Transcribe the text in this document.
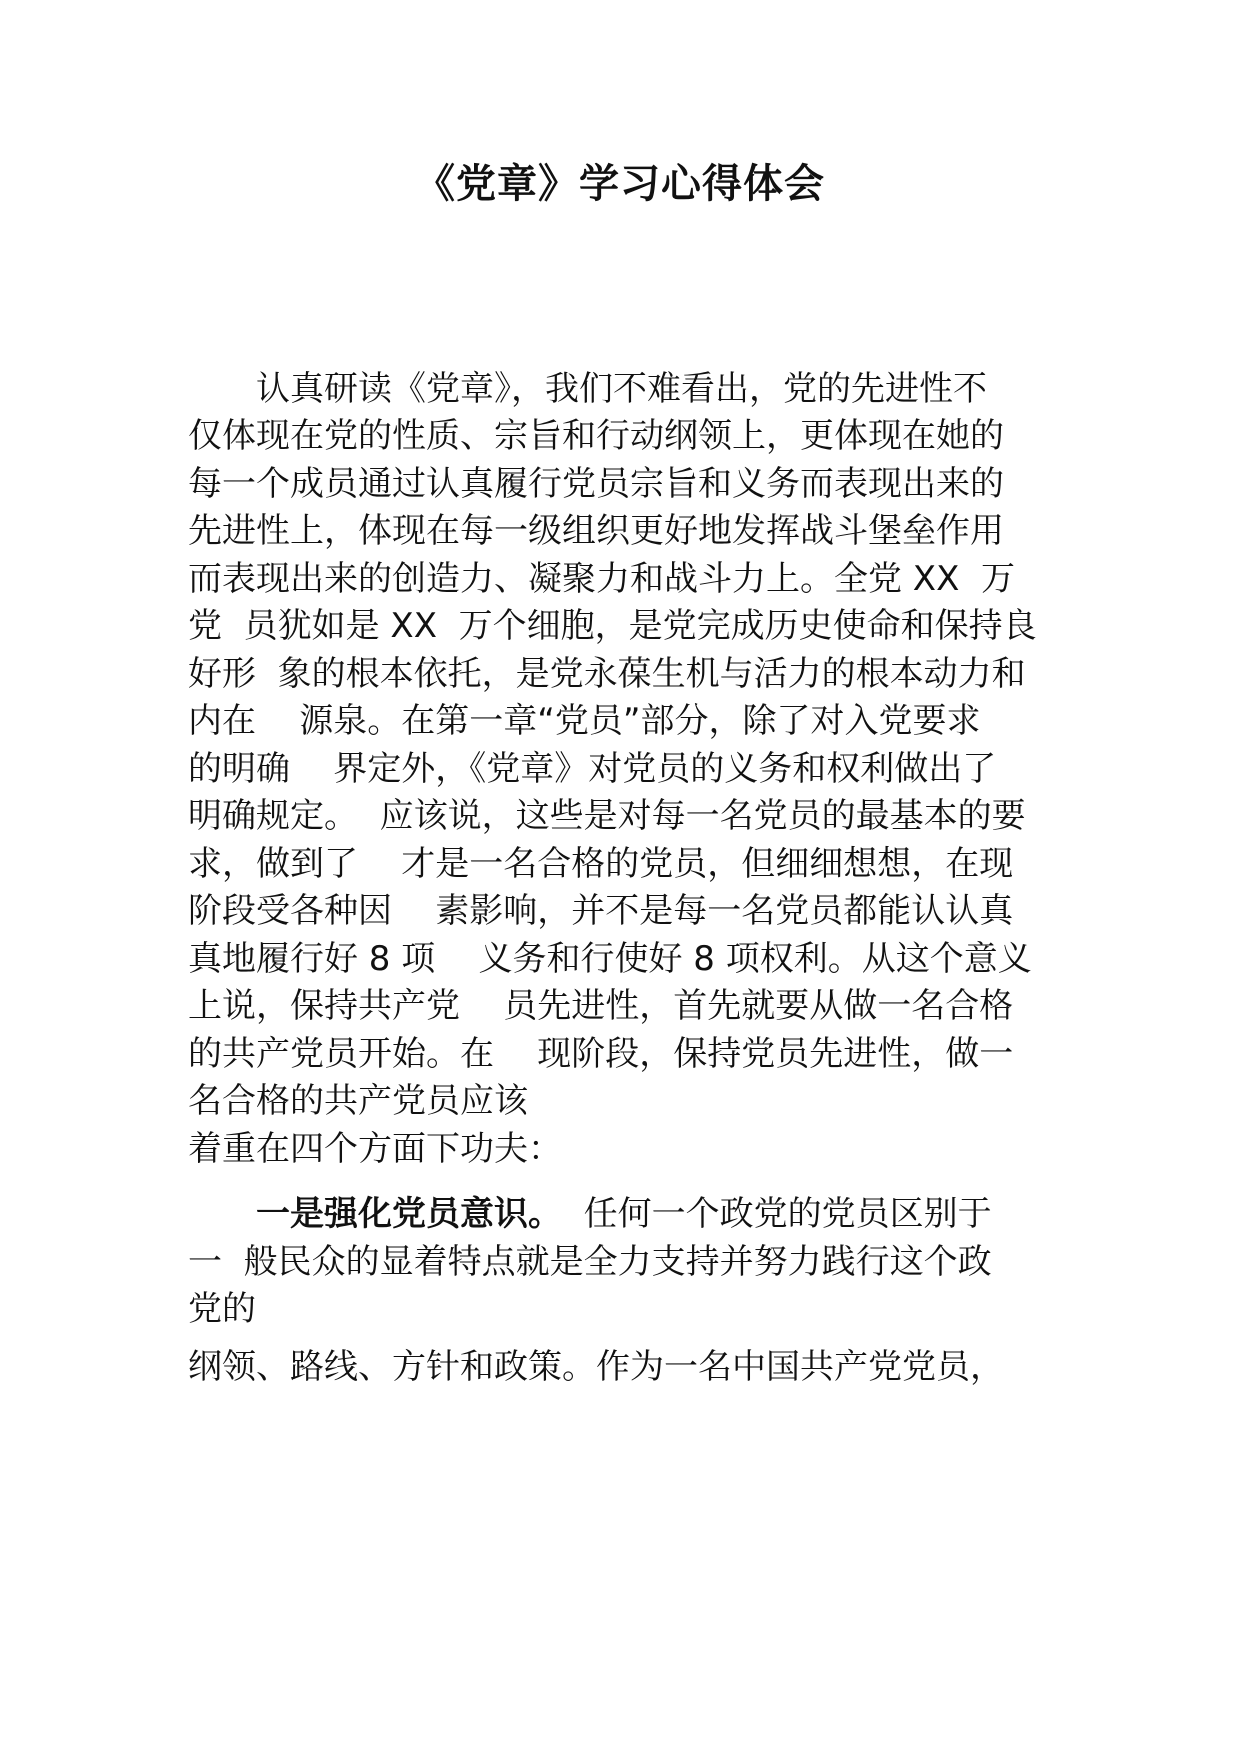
《党章》学习心得体会
　　认真研读《党章》，我们不难看出，党的先进性不
仅体现在党的性质、宗旨和行动纲领上，更体现在她的
每一个成员通过认真履行党员宗旨和义务而表现出来的
先进性上，体现在每一级组织更好地发挥战斗堡垒作用
而表现出来的创造力、凝聚力和战斗力上。全党 XX  万
党  员犹如是 XX  万个细胞，是党完成历史使命和保持良
好形  象的根本依托，是党永葆生机与活力的根本动力和
内在    源泉。在第一章“党员”部分，除了对入党要求
的明确    界定外，《党章》对党员的义务和权利做出了
明确规定。  应该说，这些是对每一名党员的最基本的要
求，做到了    才是一名合格的党员，但细细想想，在现
阶段受各种因    素影响，并不是每一名党员都能认认真
真地履行好 8 项    义务和行使好 8 项权利。从这个意义
上说，保持共产党    员先进性，首先就要从做一名合格
的共产党员开始。在    现阶段，保持党员先进性，做一
名合格的共产党员应该
着重在四个方面下功夫：
　　一是强化党员意识。  任何一个政党的党员区别于
一  般民众的显着特点就是全力支持并努力践行这个政
党的
纲领、路线、方针和政策。作为一名中国共产党党员，
